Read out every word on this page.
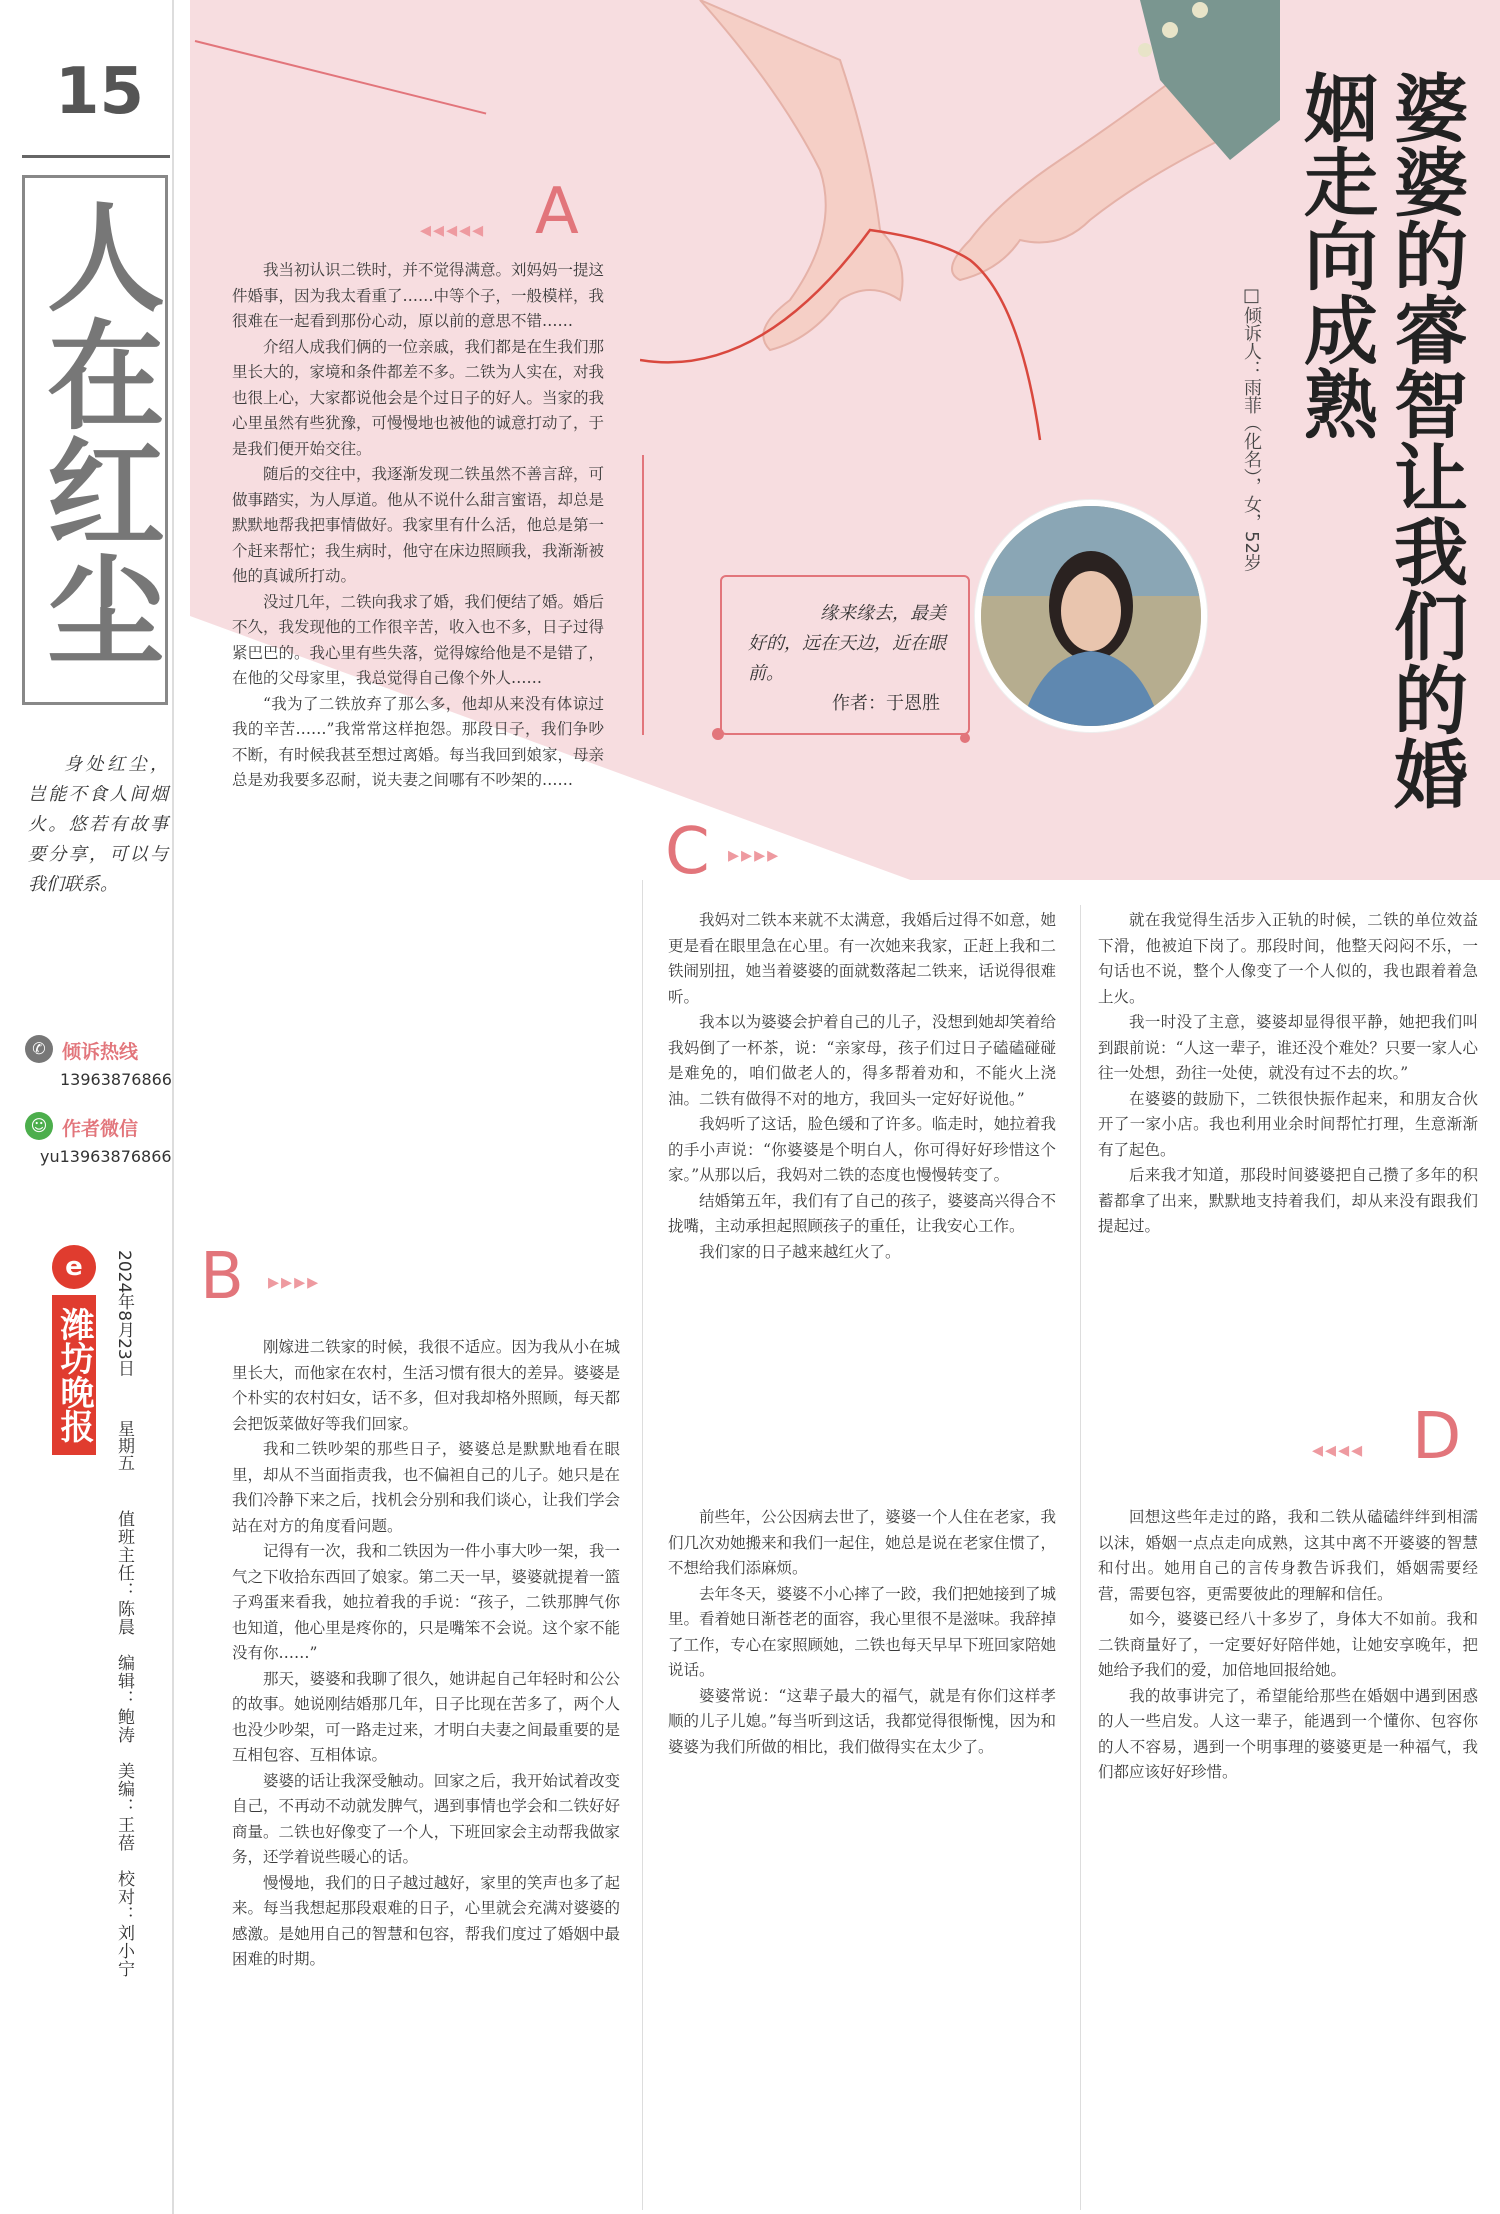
15
人在红尘
身处红尘，岂能不食人间烟火。悠若有故事要分享，可以与我们联系。
✆ 倾诉热线
13963876866
☺ 作者微信
yu13963876866
e
潍坊晚报 2024年8月23日
星期五
值班主任：陈晨　编辑：鲍涛　美编：王蓓　校对：刘小宁
婆婆的睿智让我们的婚姻走向成熟
□倾诉人：雨菲（化名），女，52岁
缘来缘去，最美好的，远在天边，近在眼前。
作者：于恩胜
◂◂◂◂◂ A

我当初认识二铁时，并不觉得满意。刘妈妈一提这件婚事，因为我太看重了……中等个子，一般模样，我很难在一起看到那份心动，原以前的意思不错……

介绍人成我们俩的一位亲戚，我们都是在生我们那里长大的，家境和条件都差不多。二铁为人实在，对我也很上心，大家都说他会是个过日子的好人。当家的我心里虽然有些犹豫，可慢慢地也被他的诚意打动了，于是我们便开始交往。

随后的交往中，我逐渐发现二铁虽然不善言辞，可做事踏实，为人厚道。他从不说什么甜言蜜语，却总是默默地帮我把事情做好。我家里有什么活，他总是第一个赶来帮忙；我生病时，他守在床边照顾我，我渐渐被他的真诚所打动。

没过几年，二铁向我求了婚，我们便结了婚。婚后不久，我发现他的工作很辛苦，收入也不多，日子过得紧巴巴的。我心里有些失落，觉得嫁给他是不是错了，在他的父母家里，我总觉得自己像个外人……

“我为了二铁放弃了那么多，他却从来没有体谅过我的辛苦……”我常常这样抱怨。那段日子，我们争吵不断，有时候我甚至想过离婚。每当我回到娘家，母亲总是劝我要多忍耐，说夫妻之间哪有不吵架的……

B ▸▸▸▸

刚嫁进二铁家的时候，我很不适应。因为我从小在城里长大，而他家在农村，生活习惯有很大的差异。婆婆是个朴实的农村妇女，话不多，但对我却格外照顾，每天都会把饭菜做好等我们回家。

我和二铁吵架的那些日子，婆婆总是默默地看在眼里，却从不当面指责我，也不偏袒自己的儿子。她只是在我们冷静下来之后，找机会分别和我们谈心，让我们学会站在对方的角度看问题。

记得有一次，我和二铁因为一件小事大吵一架，我一气之下收拾东西回了娘家。第二天一早，婆婆就提着一篮子鸡蛋来看我，她拉着我的手说：“孩子，二铁那脾气你也知道，他心里是疼你的，只是嘴笨不会说。这个家不能没有你……”

那天，婆婆和我聊了很久，她讲起自己年轻时和公公的故事。她说刚结婚那几年，日子比现在苦多了，两个人也没少吵架，可一路走过来，才明白夫妻之间最重要的是互相包容、互相体谅。

婆婆的话让我深受触动。回家之后，我开始试着改变自己，不再动不动就发脾气，遇到事情也学会和二铁好好商量。二铁也好像变了一个人，下班回家会主动帮我做家务，还学着说些暖心的话。

慢慢地，我们的日子越过越好，家里的笑声也多了起来。每当我想起那段艰难的日子，心里就会充满对婆婆的感激。是她用自己的智慧和包容，帮我们度过了婚姻中最困难的时期。

C ▸▸▸▸

我妈对二铁本来就不太满意，我婚后过得不如意，她更是看在眼里急在心里。有一次她来我家，正赶上我和二铁闹别扭，她当着婆婆的面就数落起二铁来，话说得很难听。

我本以为婆婆会护着自己的儿子，没想到她却笑着给我妈倒了一杯茶，说：“亲家母，孩子们过日子磕磕碰碰是难免的，咱们做老人的，得多帮着劝和，不能火上浇油。二铁有做得不对的地方，我回头一定好好说他。”

我妈听了这话，脸色缓和了许多。临走时，她拉着我的手小声说：“你婆婆是个明白人，你可得好好珍惜这个家。”从那以后，我妈对二铁的态度也慢慢转变了。

结婚第五年，我们有了自己的孩子，婆婆高兴得合不拢嘴，主动承担起照顾孩子的重任，让我安心工作。

我们家的日子越来越红火了。

就在我觉得生活步入正轨的时候，二铁的单位效益下滑，他被迫下岗了。那段时间，他整天闷闷不乐，一句话也不说，整个人像变了一个人似的，我也跟着着急上火。

我一时没了主意，婆婆却显得很平静，她把我们叫到跟前说：“人这一辈子，谁还没个难处？只要一家人心往一处想，劲往一处使，就没有过不去的坎。”

在婆婆的鼓励下，二铁很快振作起来，和朋友合伙开了一家小店。我也利用业余时间帮忙打理，生意渐渐有了起色。

后来我才知道，那段时间婆婆把自己攒了多年的积蓄都拿了出来，默默地支持着我们，却从来没有跟我们提起过。

◂◂◂◂ D

前些年，公公因病去世了，婆婆一个人住在老家，我们几次劝她搬来和我们一起住，她总是说在老家住惯了，不想给我们添麻烦。

去年冬天，婆婆不小心摔了一跤，我们把她接到了城里。看着她日渐苍老的面容，我心里很不是滋味。我辞掉了工作，专心在家照顾她，二铁也每天早早下班回家陪她说话。

婆婆常说：“这辈子最大的福气，就是有你们这样孝顺的儿子儿媳。”每当听到这话，我都觉得很惭愧，因为和婆婆为我们所做的相比，我们做得实在太少了。

回想这些年走过的路，我和二铁从磕磕绊绊到相濡以沫，婚姻一点点走向成熟，这其中离不开婆婆的智慧和付出。她用自己的言传身教告诉我们，婚姻需要经营，需要包容，更需要彼此的理解和信任。

如今，婆婆已经八十多岁了，身体大不如前。我和二铁商量好了，一定要好好陪伴她，让她安享晚年，把她给予我们的爱，加倍地回报给她。

我的故事讲完了，希望能给那些在婚姻中遇到困惑的人一些启发。人这一辈子，能遇到一个懂你、包容你的人不容易，遇到一个明事理的婆婆更是一种福气，我们都应该好好珍惜。
